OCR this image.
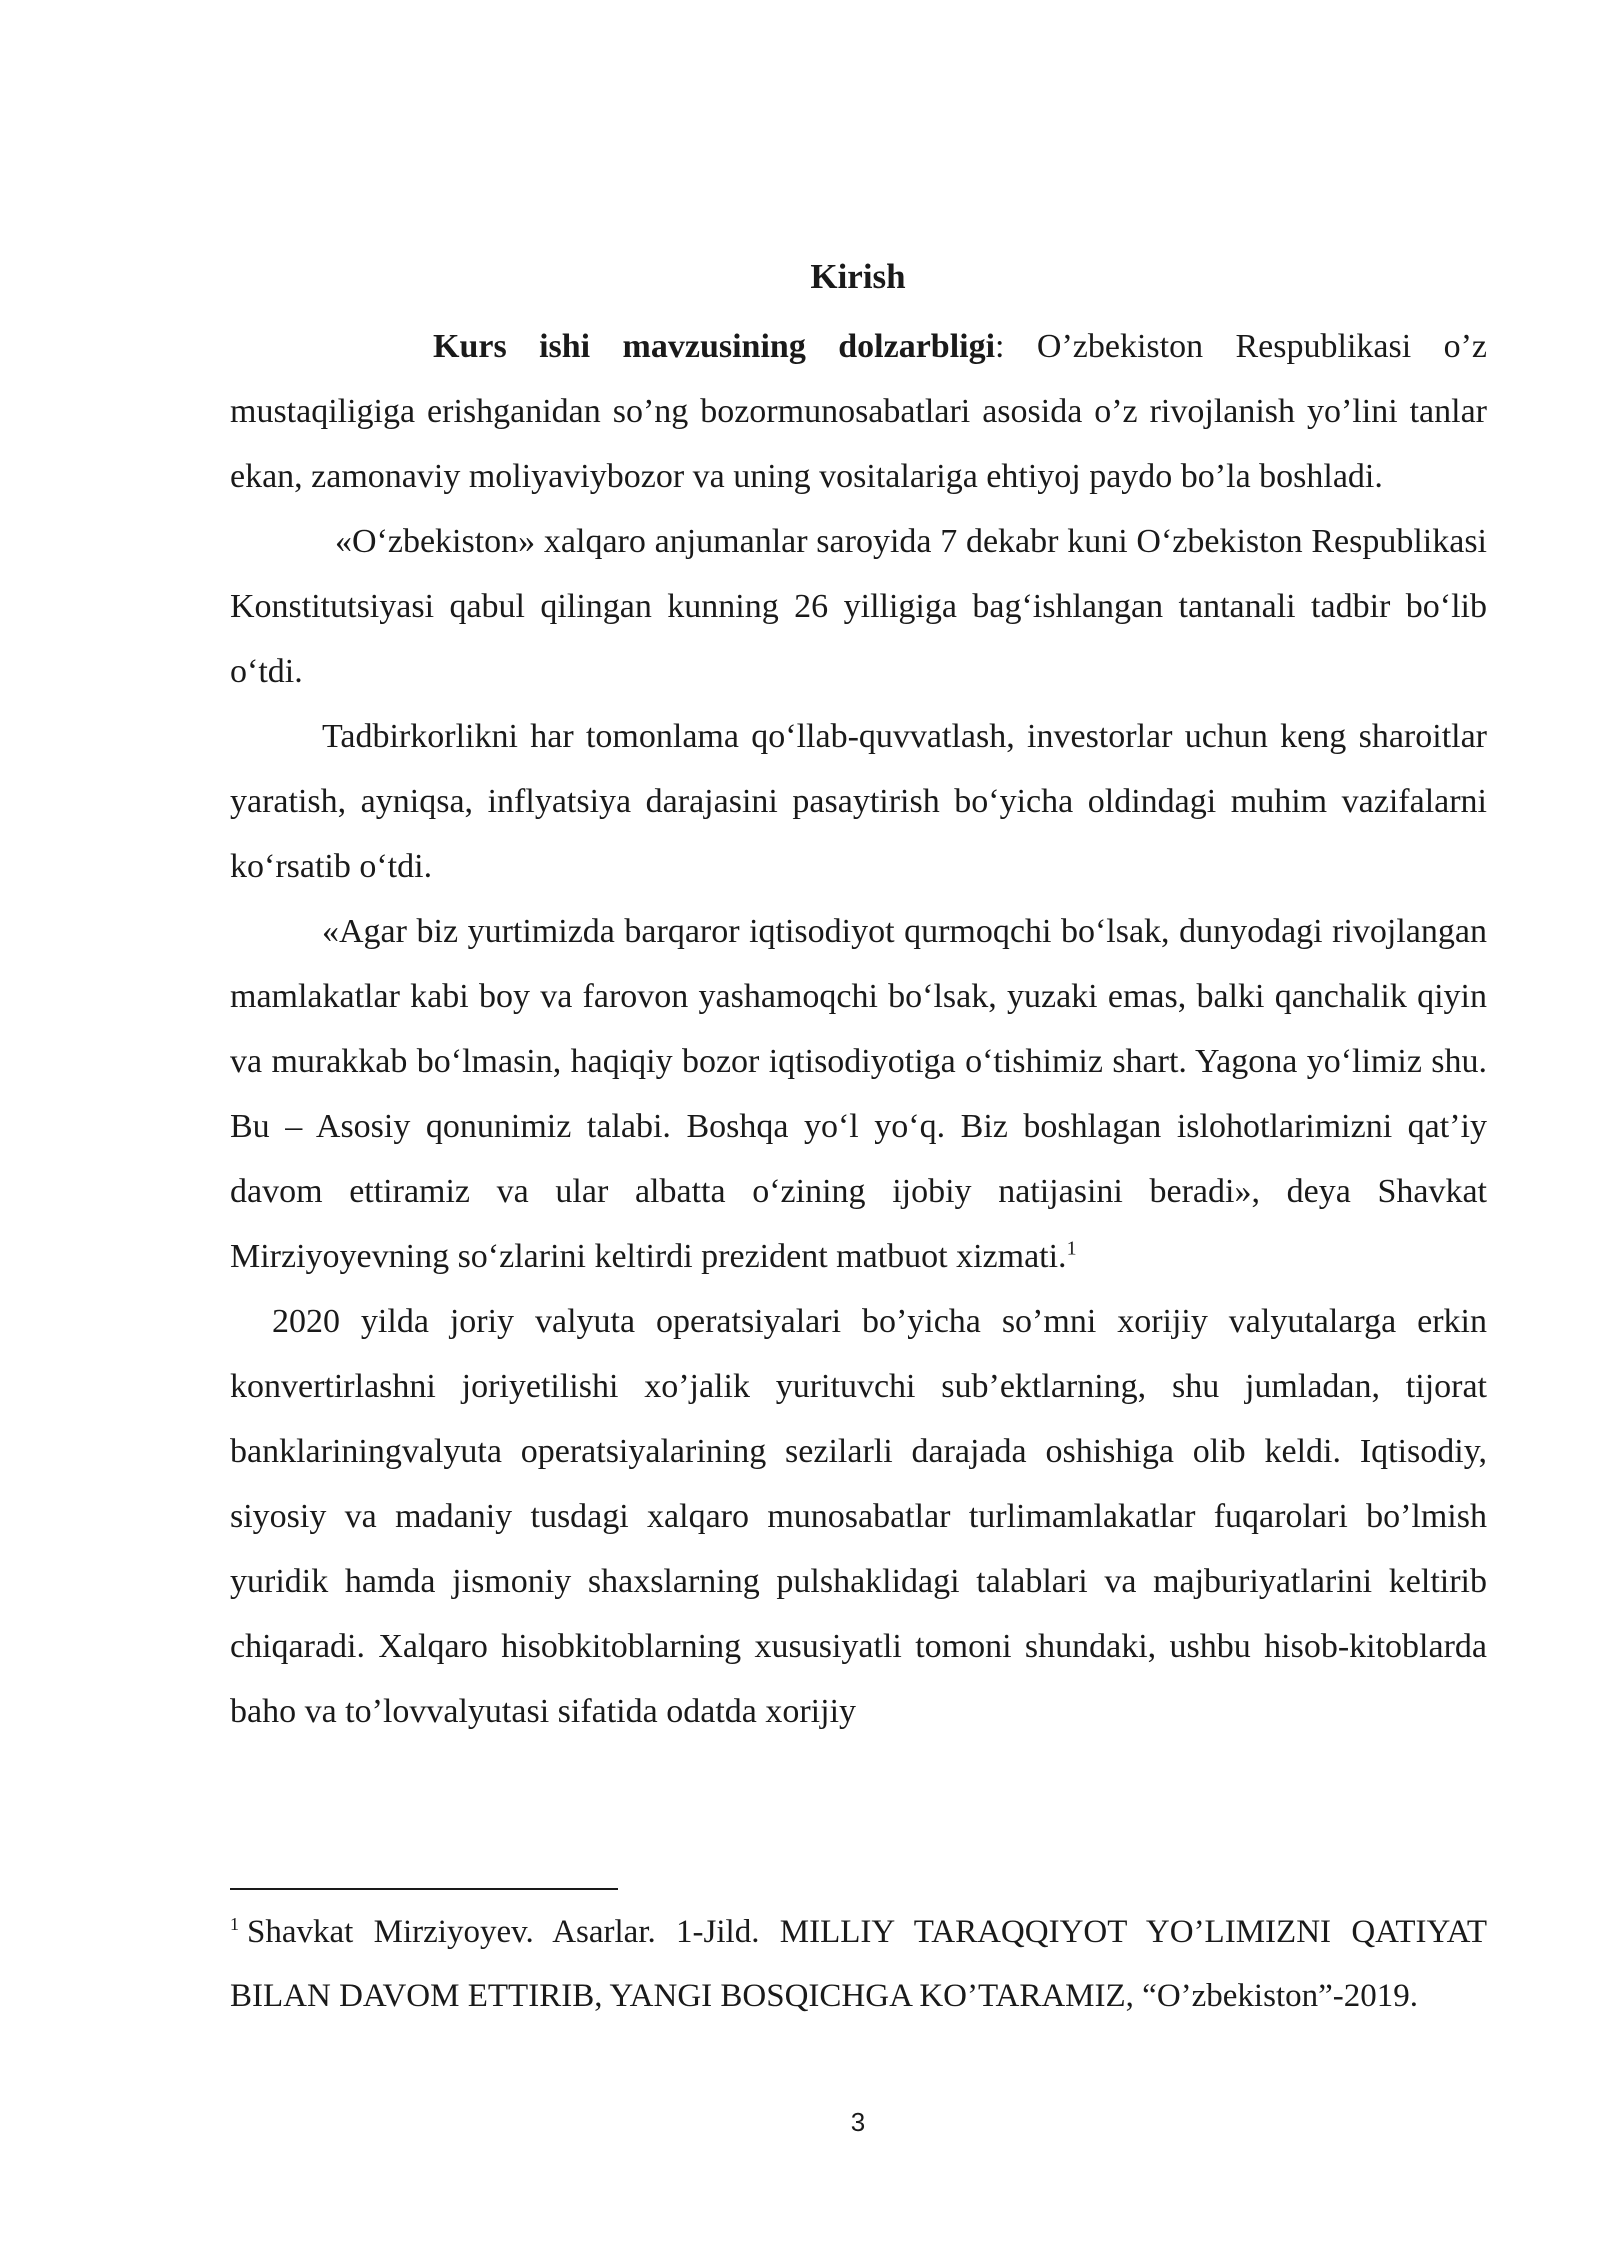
Kirish

Kurs ishi mavzusining dolzarbligi: O’zbekiston Respublikasi o’z mustaqiligiga erishganidan so’ng bozormunosabatlari asosida o’z rivojlanish yo’lini tanlar ekan, zamonaviy moliyaviybozor va uning vositalariga ehtiyoj paydo bo’la boshladi.

«O‘zbekiston» xalqaro anjumanlar saroyida 7 dekabr kuni O‘zbekiston Respublikasi Konstitutsiyasi qabul qilingan kunning 26 yilligiga bag‘ishlangan tantanali tadbir bo‘lib o‘tdi.

Tadbirkorlikni har tomonlama qo‘llab-quvvatlash, investorlar uchun keng sharoitlar yaratish, ayniqsa, inflyatsiya darajasini pasaytirish bo‘yicha oldindagi muhim vazifalarni ko‘rsatib o‘tdi.

«Agar biz yurtimizda barqaror iqtisodiyot qurmoqchi bo‘lsak, dunyodagi rivojlangan mamlakatlar kabi boy va farovon yashamoqchi bo‘lsak, yuzaki emas, balki qanchalik qiyin va murakkab bo‘lmasin, haqiqiy bozor iqtisodiyotiga o‘tishimiz shart. Yagona yo‘limiz shu. Bu – Asosiy qonunimiz talabi. Boshqa yo‘l yo‘q. Biz boshlagan islohotlarimizni qat’iy davom ettiramiz va ular albatta o‘zining ijobiy natijasini beradi», deya Shavkat Mirziyoyevning so‘zlarini keltirdi prezident matbuot xizmati.$^1$

2020 yilda joriy valyuta operatsiyalari bo’yicha so’mni xorijiy valyutalarga erkin konvertirlashni joriyetilishi xo’jalik yurituvchi sub’ektlarning, shu jumladan, tijorat banklariningvalyuta operatsiyalarining sezilarli darajada oshishiga olib keldi. Iqtisodiy, siyosiy va madaniy tusdagi xalqaro munosabatlar turlimamlakatlar fuqarolari bo’lmish yuridik hamda jismoniy shaxslarning pulshaklidagi talablari va majburiyatlarini keltirib chiqaradi. Xalqaro hisobkitoblarning xususiyatli tomoni shundaki, ushbu hisob-kitoblarda baho va to’lovvalyutasi sifatida odatda xorijiy

$^1$ Shavkat Mirziyoyev. Asarlar. 1-Jild. MILLIY TARAQQIYOT YO’LIMIZNI QATIYAT BILAN DAVOM ETTIRIB, YANGI BOSQICHGA KO’TARAMIZ, “O’zbekiston”-2019.

3
